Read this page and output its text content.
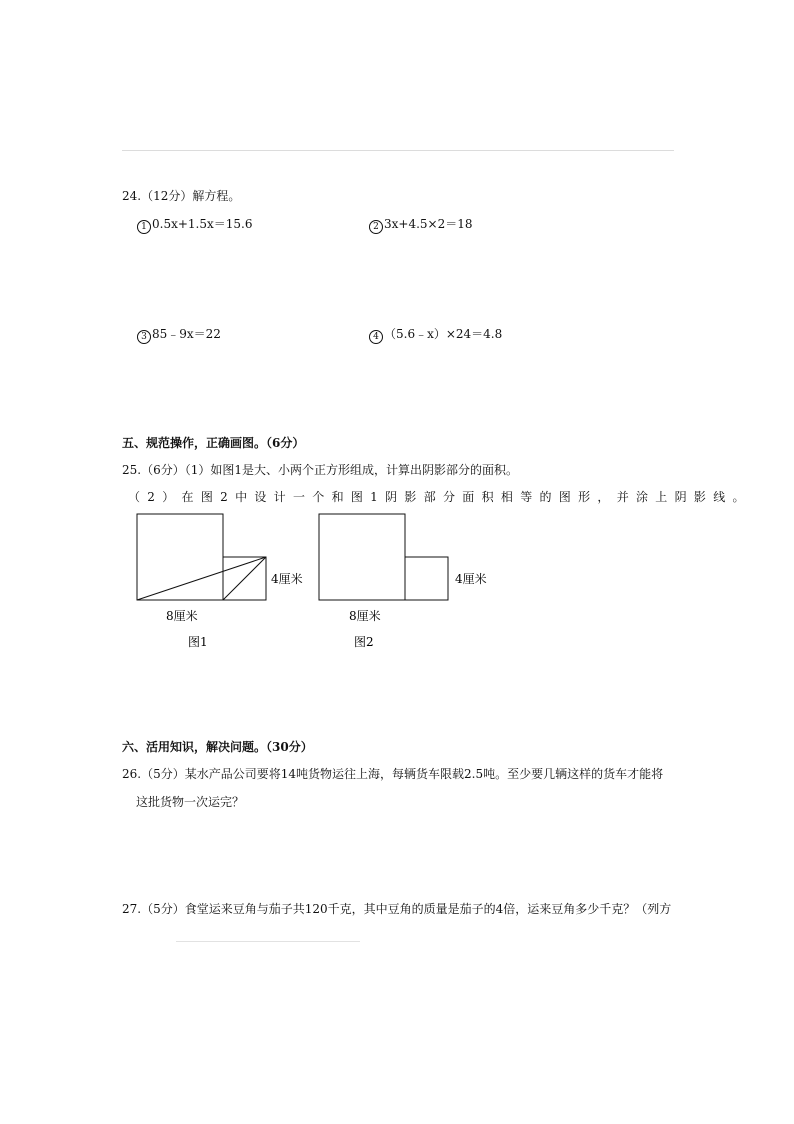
24.（12分）解方程。
1 0.5x+1.5x＝15.6	2 3x+4.5×2＝18
3 85﹣9x＝22	4 （5.6﹣x）×24＝4.8
五、规范操作，正确画图。（6分）
25.（6分）（1）如图1是大、小两个正方形组成，计算出阴影部分的面积。
（2）在图2中设计一个和图1阴影部分面积相等的图形，并涂上阴影线。
4厘米
8厘米
图1
4厘米
8厘米
图2
六、活用知识，解决问题。（30分）
26.（5分）某水产品公司要将14吨货物运往上海，每辆货车限载2.5吨。至少要几辆这样的货车才能将
这批货物一次运完？
27.（5分）食堂运来豆角与茄子共120千克，其中豆角的质量是茄子的4倍，运来豆角多少千克？（列方
